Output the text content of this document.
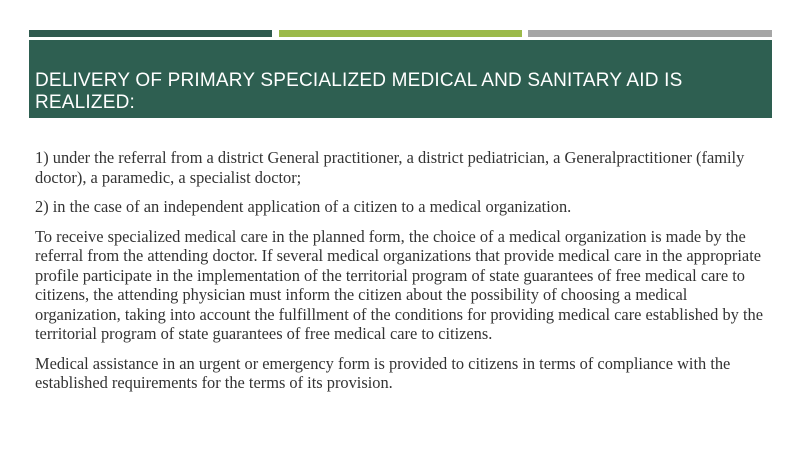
DELIVERY OF PRIMARY SPECIALIZED MEDICAL AND SANITARY AID IS REALIZED:

1) under the referral from a district General practitioner, a district pediatrician, a Generalpractitioner (family doctor), a paramedic, a specialist doctor;

2) in the case of an independent application of a citizen to a medical organization.

To receive specialized medical care in the planned form, the choice of a medical organization is made by the referral from the attending doctor. If several medical organizations that provide medical care in the appropriate profile participate in the implementation of the territorial program of state guarantees of free medical care to citizens, the attending physician must inform the citizen about the possibility of choosing a medical organization, taking into account the fulfillment of the conditions for providing medical care established by the territorial program of state guarantees of free medical care to citizens.

Medical assistance in an urgent or emergency form is provided to citizens in terms of compliance with the established requirements for the terms of its provision.
